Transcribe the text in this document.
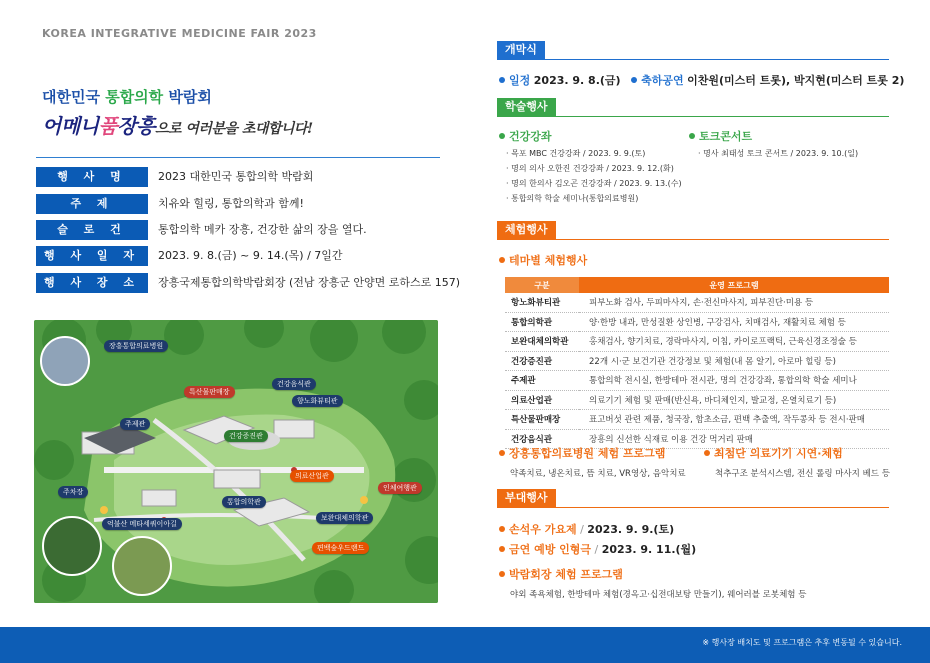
KOREA INTEGRATIVE MEDICINE FAIR 2023
대한민국 통합의학 박람회
어메니품장흥으로 여러분을 초대합니다!
행 사 명	2023 대한민국 통합의학 박람회
주 제	치유와 힐링, 통합의학과 함께!
슬 로 건	통합의학 메카 장흥, 건강한 삶의 장을 열다.
행 사 일 자	2023. 9. 8.(금) ~ 9. 14.(목) / 7일간
행 사 장 소	장흥국제통합의학박람회장 (전남 장흥군 안양면 로하스로 157)
장흥통합의료병원
특산물판매장
건강음식관
주제관
건강증진관
향노화뷰티관
통합의학관
의료산업관
보완대체의학관
주차장
억불산 메타세쿼이아길
편백숲우드랜드
인체여행관
개막식
일정 2023. 9. 8.(금) 축하공연 이찬원(미스터 트롯), 박지현(미스터 트롯 2)
학술행사
건강강좌
· 목포 MBC 건강강좌 / 2023. 9. 9.(토)
· 명의 의사 오한진 건강강좌 / 2023. 9. 12.(화)
· 명의 한의사 김오곤 건강강좌 / 2023. 9. 13.(수)
· 통합의학 학술 세미나(통합의료병원)
토크콘서트
· 명사 최태성 토크 콘서트 / 2023. 9. 10.(일)
체험행사
테마별 체험행사
구분	운영 프로그램
항노화뷰티관	피부노화 검사, 두피마사지, 손·전신마사지, 피부진단·미용 등
통합의학관	양·한방 내과, 만성질환 상인병, 구강검사, 치매검사, 재활치료 체험 등
보완대체의학관	홍채검사, 향기치료, 경락마사지, 이침, 카이로프랙틱, 근육신경조정술 등
건강증진관	22개 시·군 보건기관 건강정보 및 체험(내 몸 알기, 아로마 힐링 등)
주제관	통합의학 전시실, 한방테마 전시관, 명의 건강강좌, 통합의학 학술 세미나
의료산업관	의료기기 체험 및 판매(반신욕, 바디체인지, 발교정, 온열치료기 등)
특산물판매장	표고버섯 관련 제품, 청국장, 함초소금, 편백 추출액, 작두콩차 등 전시·판매
건강음식관	장흥의 신선한 식재료 이용 건강 먹거리 판매
장흥통합의료병원 체험 프로그램
약족치료, 냉온치료, 뜸 치료, VR영상, 음악치료
최첨단 의료기기 시연·체험
척추구조 분석시스템, 전신 롤링 마사지 베드 등
부대행사
손석우 가요제 / 2023. 9. 9.(토)
금연 예방 인형극 / 2023. 9. 11.(월)
박람회장 체험 프로그램
야외 족욕체험, 한방테마 체험(경옥고·십전대보탕 만들기), 웨어러블 로봇체험 등
※ 행사장 배치도 및 프로그램은 추후 변동될 수 있습니다.
